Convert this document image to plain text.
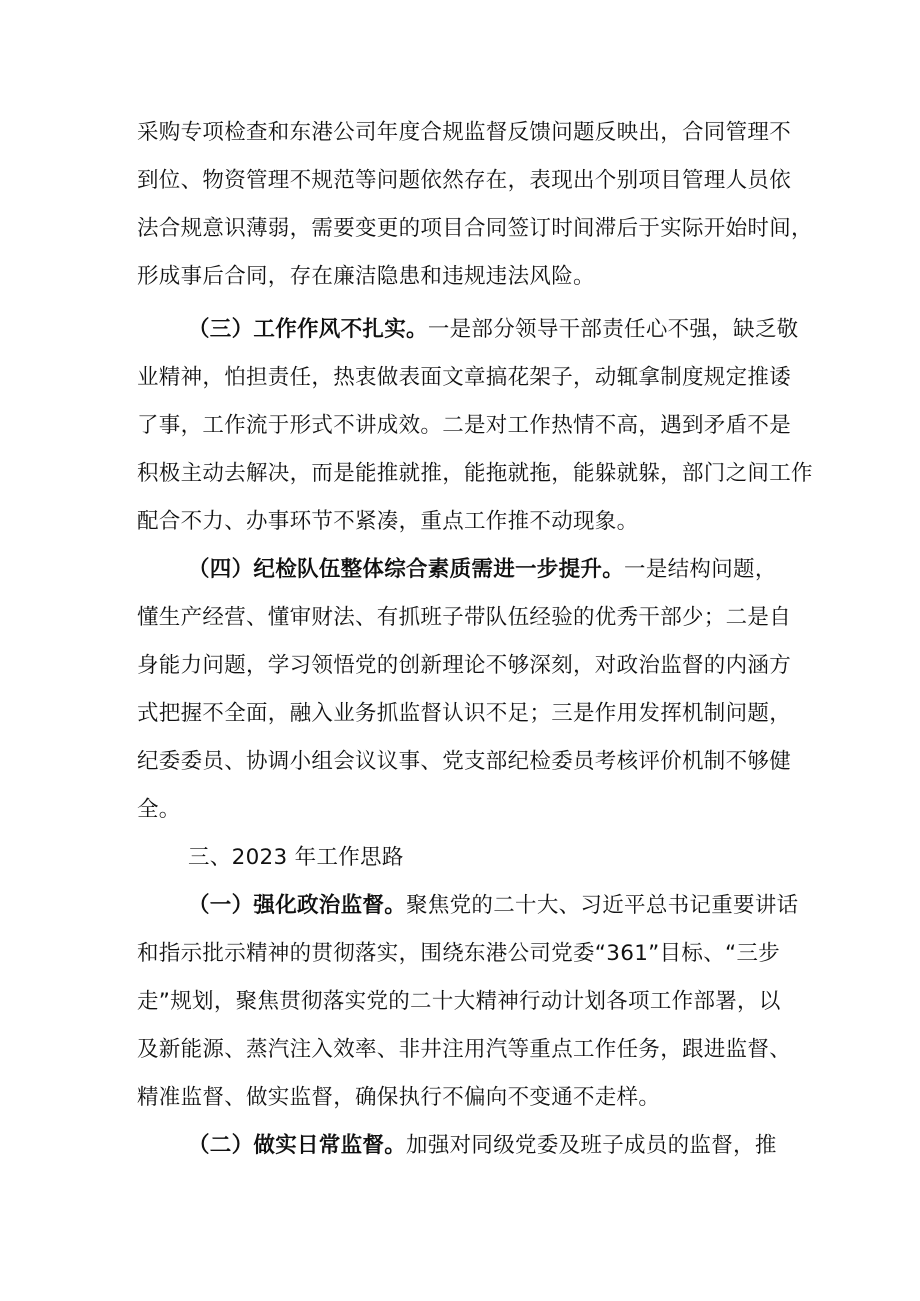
采购专项检查和东港公司年度合规监督反馈问题反映出，合同管理不
到位、物资管理不规范等问题依然存在，表现出个别项目管理人员依
法合规意识薄弱，需要变更的项目合同签订时间滞后于实际开始时间，
形成事后合同，存在廉洁隐患和违规违法风险。
（三）工作作风不扎实。一是部分领导干部责任心不强，缺乏敬
业精神，怕担责任，热衷做表面文章搞花架子，动辄拿制度规定推诿
了事，工作流于形式不讲成效。二是对工作热情不高，遇到矛盾不是
积极主动去解决，而是能推就推，能拖就拖，能躲就躲，部门之间工作
配合不力、办事环节不紧凑，重点工作推不动现象。
（四）纪检队伍整体综合素质需进一步提升。一是结构问题，
懂生产经营、懂审财法、有抓班子带队伍经验的优秀干部少；二是自
身能力问题，学习领悟党的创新理论不够深刻，对政治监督的内涵方
式把握不全面，融入业务抓监督认识不足；三是作用发挥机制问题，
纪委委员、协调小组会议议事、党支部纪检委员考核评价机制不够健
全。
三、2023 年工作思路
（一）强化政治监督。聚焦党的二十大、习近平总书记重要讲话
和指示批示精神的贯彻落实，围绕东港公司党委“361”目标、“三步
走”规划，聚焦贯彻落实党的二十大精神行动计划各项工作部署，以
及新能源、蒸汽注入效率、非井注用汽等重点工作任务，跟进监督、
精准监督、做实监督，确保执行不偏向不变通不走样。
（二）做实日常监督。加强对同级党委及班子成员的监督，推
